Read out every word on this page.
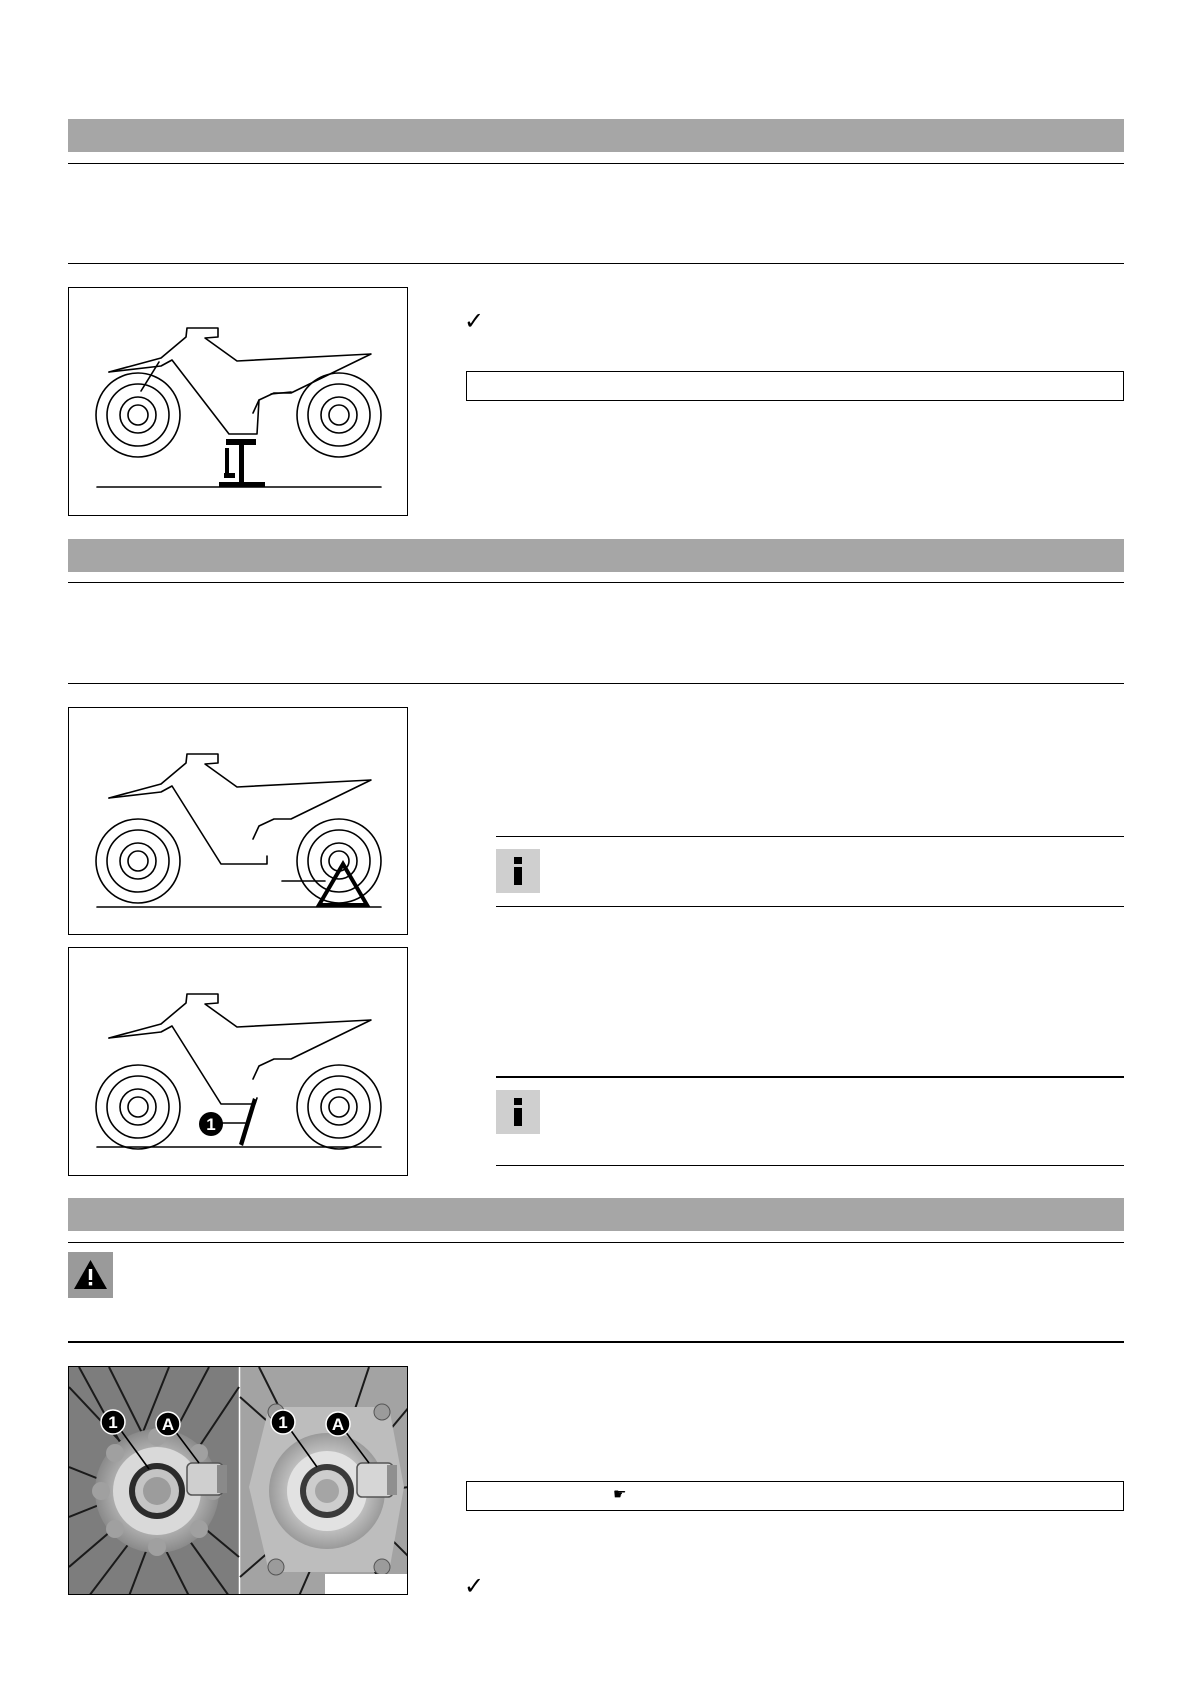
✓
1
1	A	1	A
☛
✓
